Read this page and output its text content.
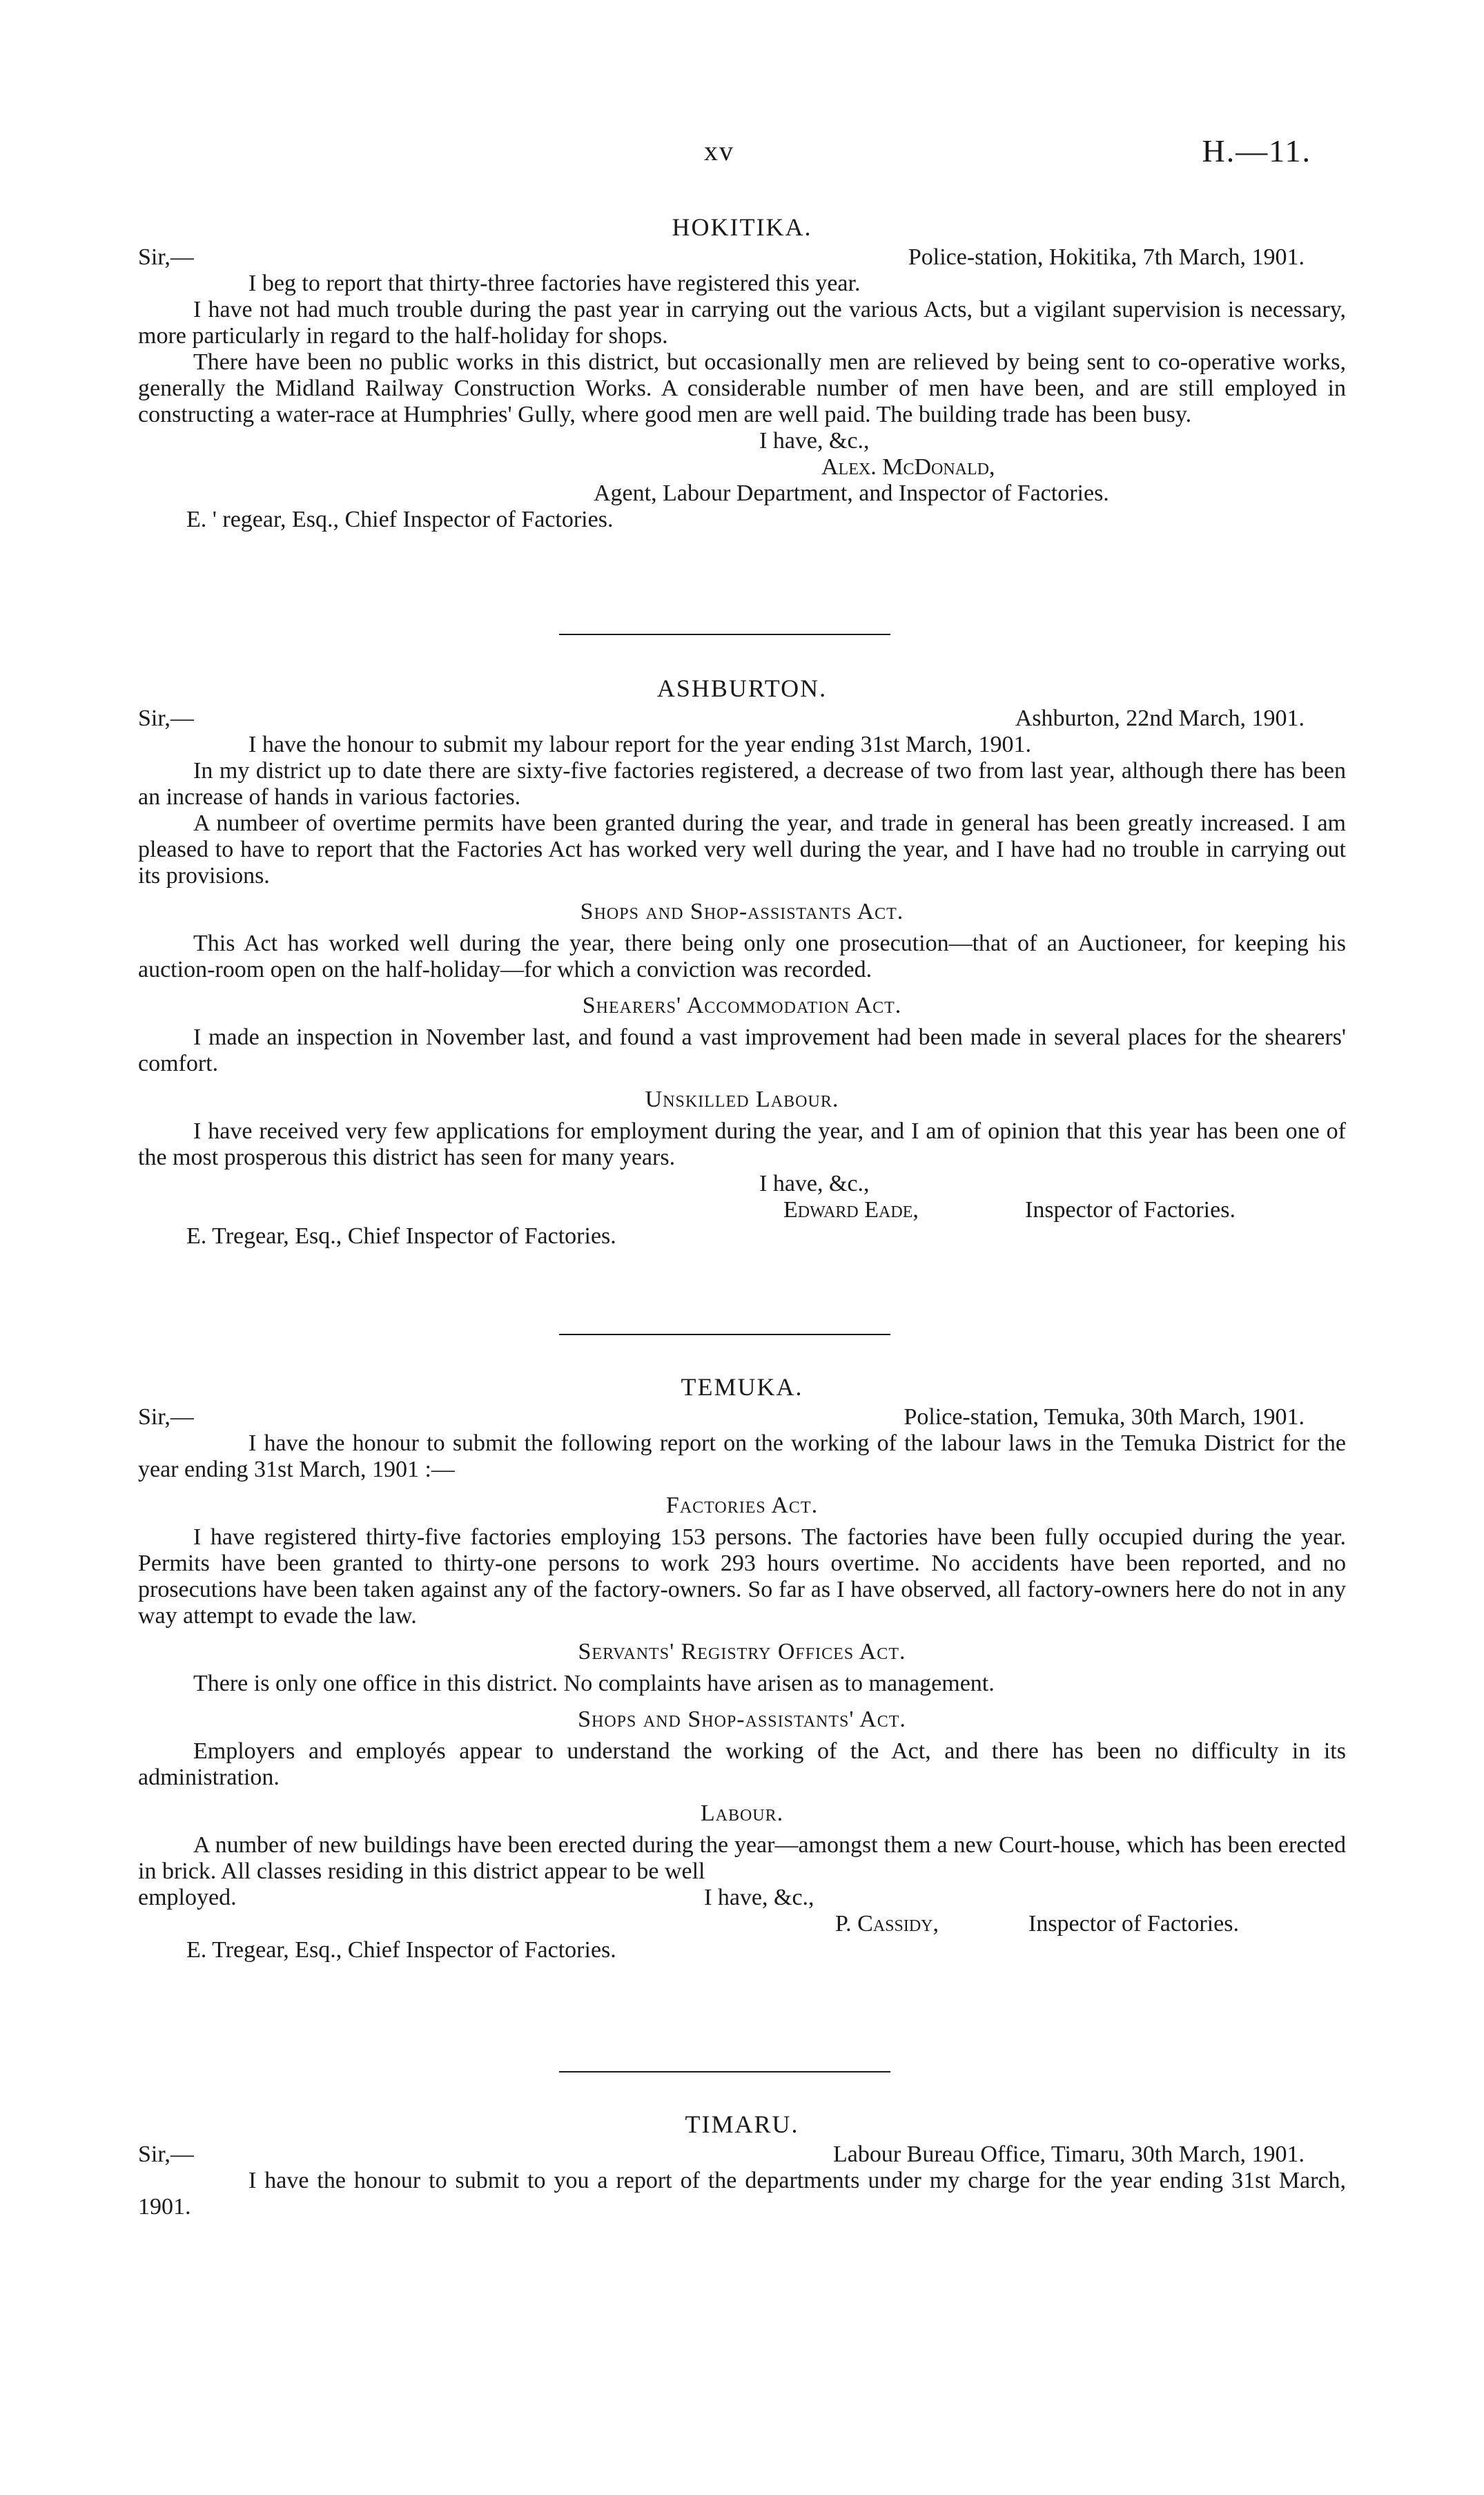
xv	H.—11.
HOKITIKA.
Sir,—	Police-station, Hokitika, 7th March, 1901.

I beg to report that thirty-three factories have registered this year.

I have not had much trouble during the past year in carrying out the various Acts, but a vigilant supervision is necessary, more particularly in regard to the half-holiday for shops.

There have been no public works in this district, but occasionally men are relieved by being sent to co-operative works, generally the Midland Railway Construction Works. A considerable number of men have been, and are still employed in constructing a water-race at Humphries' Gully, where good men are well paid. The building trade has been busy.

I have, &c.,
Alex. McDonald,
Agent, Labour Department, and Inspector of Factories.
E. ' regear, Esq., Chief Inspector of Factories.
ASHBURTON.
Sir,—	Ashburton, 22nd March, 1901.

I have the honour to submit my labour report for the year ending 31st March, 1901.

In my district up to date there are sixty-five factories registered, a decrease of two from last year, although there has been an increase of hands in various factories.

A numbeer of overtime permits have been granted during the year, and trade in general has been greatly increased. I am pleased to have to report that the Factories Act has worked very well during the year, and I have had no trouble in carrying out its provisions.

Shops and Shop-assistants Act.

This Act has worked well during the year, there being only one prosecution—that of an Auctioneer, for keeping his auction-room open on the half-holiday—for which a conviction was recorded.

Shearers' Accommodation Act.

I made an inspection in November last, and found a vast improvement had been made in several places for the shearers' comfort.

Unskilled Labour.

I have received very few applications for employment during the year, and I am of opinion that this year has been one of the most prosperous this district has seen for many years.

I have, &c.,
Edward Eade,	Inspector of Factories.
E. Tregear, Esq., Chief Inspector of Factories.
TEMUKA.
Sir,—	Police-station, Temuka, 30th March, 1901.

I have the honour to submit the following report on the working of the labour laws in the Temuka District for the year ending 31st March, 1901 :—

Factories Act.

I have registered thirty-five factories employing 153 persons. The factories have been fully occupied during the year. Permits have been granted to thirty-one persons to work 293 hours overtime. No accidents have been reported, and no prosecutions have been taken against any of the factory-owners. So far as I have observed, all factory-owners here do not in any way attempt to evade the law.

Servants' Registry Offices Act.

There is only one office in this district. No complaints have arisen as to management.

Shops and Shop-assistants' Act.

Employers and employés appear to understand the working of the Act, and there has been no difficulty in its administration.

Labour.

A number of new buildings have been erected during the year—amongst them a new Court-house, which has been erected in brick. All classes residing in this district appear to be well

employed.	I have, &c.,
P. Cassidy,	Inspector of Factories.
E. Tregear, Esq., Chief Inspector of Factories.
TIMARU.
Sir,—	Labour Bureau Office, Timaru, 30th March, 1901.

I have the honour to submit to you a report of the departments under my charge for the year ending 31st March, 1901.
